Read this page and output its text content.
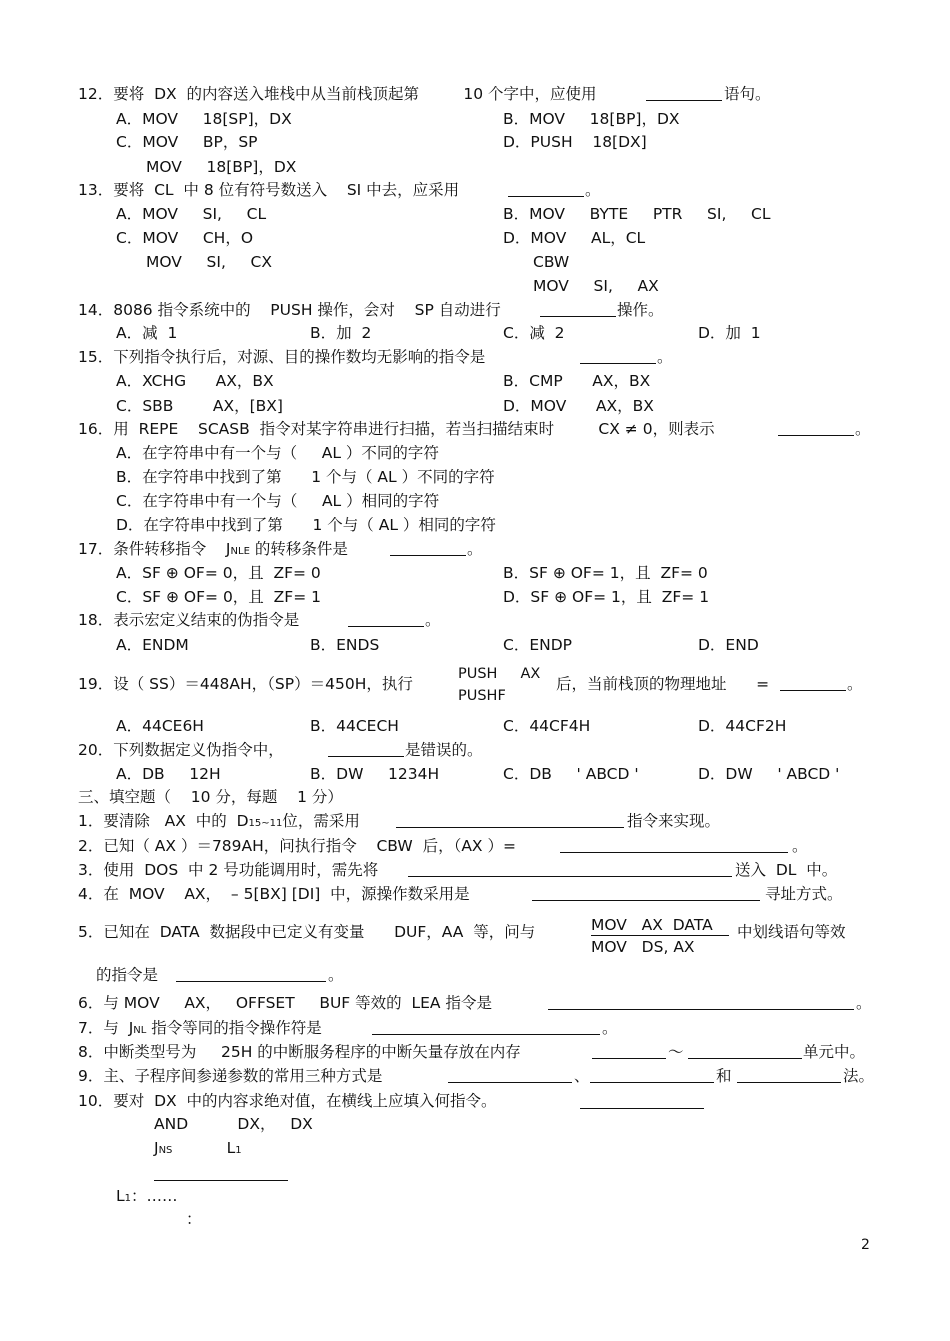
12．要将  DX  的内容送入堆栈中从当前栈顶起第         10 个字中，应使用	语句。
A．MOV     18[SP]，DX	B．MOV     18[BP]，DX
C．MOV     BP，SP	D．PUSH    18[DX]
MOV     18[BP]，DX
13．要将  CL  中 8 位有符号数送入    SI 中去，应采用	。
A．MOV     SI,     CL	B．MOV     BYTE     PTR     SI,     CL
C．MOV     CH，O	D．MOV     AL，CL
MOV     SI,     CX	CBW
MOV     SI,     AX
14．8086 指令系统中的    PUSH 操作，会对    SP 自动进行	操作。
A．减  1	B．加  2	C．减  2	D．加  1
15．下列指令执行后，对源、目的操作数均无影响的指令是	。
A．XCHG      AX，BX	B．CMP      AX，BX
C．SBB        AX，[BX]	D．MOV      AX，BX
16．用  REPE    SCASB  指令对某字符串进行扫描，若当扫描结束时         CX ≠ 0，则表示	。
A．在字符串中有一个与（     AL ）不同的字符
B．在字符串中找到了第      1 个与（ AL ）不同的字符
C．在字符串中有一个与（     AL ）相同的字符
D．在字符串中找到了第      1 个与（ AL ）相同的字符
17．条件转移指令    JNLE 的转移条件是	。
A．SF ⊕ OF= 0，且  ZF= 0	B．SF ⊕ OF= 1，且  ZF= 0
C．SF ⊕ OF= 0，且  ZF= 1	D．SF ⊕ OF= 1，且  ZF= 1
18．表示宏定义结束的伪指令是	。
A．ENDM	B．ENDS	C．ENDP	D．END
19．设（ SS）＝448AH，（SP）＝450H，执行
PUSH     AX
PUSHF
后，当前栈顶的物理地址      =	。
A．44CE6H	B．44CECH	C．44CF4H	D．44CF2H
20．下列数据定义伪指令中，	是错误的。
A．DB     12H	B．DW     1234H	C．DB     ' ABCD '	D．DW     ' ABCD '
三、填空题（    10 分，每题    1 分）
1．要清除   AX  中的  D15~11位，需采用	指令来实现。
2．已知（ AX ）＝789AH，问执行指令    CBW  后，（AX ）=	。
3．使用  DOS  中 2 号功能调用时，需先将	送入  DL  中。
4．在  MOV    AX，  – 5[BX] [DI]  中，源操作数采用是	寻址方式。
5．已知在  DATA  数据段中已定义有变量      DUF，AA  等，问与	MOV   AX  DATA
MOV   DS, AX
中划线语句等效
的指令是	。
6．与 MOV     AX，   OFFSET     BUF 等效的  LEA 指令是	。
7．与  JNL 指令等同的指令操作符是	。
8．中断类型号为     25H 的中断服务程序的中断矢量存放在内存	～	单元中。
9．主、子程序间参递参数的常用三种方式是	、	和	法。
10．要对  DX  中的内容求绝对值，在横线上应填入何指令。
AND          DX，   DX
JNS           L1
L1：……
：
2
